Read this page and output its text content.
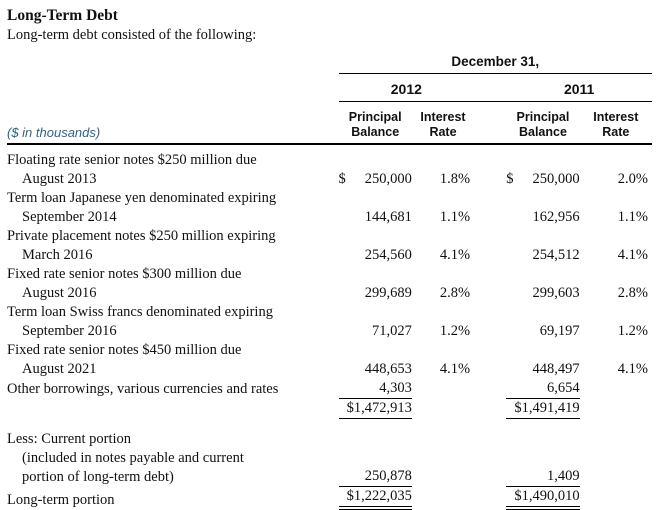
Long-Term Debt
Long-term debt consisted of the following:
	December 31,				
	2012			2011	
($ in thousands)	Principal Balance	Interest Rate		Principal Balance	Interest Rate

Floating rate senior notes $250 million due
August 2013	$ 250,000	1.8%		$ 250,000	2.0%

Term loan Japanese yen denominated expiring
September 2014	144,681	1.1%		162,956	1.1%

Private placement notes $250 million expiring
March 2016	254,560	4.1%		254,512	4.1%

Fixed rate senior notes $300 million due
August 2016	299,689	2.8%		299,603	2.8%

Term loan Swiss francs denominated expiring
September 2016	71,027	1.2%		69,197	1.2%

Fixed rate senior notes $450 million due
August 2021	448,653	4.1%		448,497	4.1%

Other borrowings, various currencies and rates	4,303			6,654	

	$1,472,913			$1,491,419	

Less: Current portion
(included in notes payable and current
portion of long-term debt)	250,878			1,409	

Long-term portion	$1,222,035			$1,490,010	
